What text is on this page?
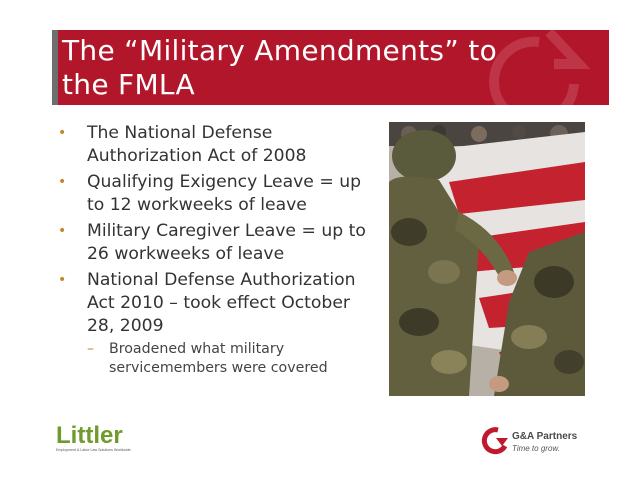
The “Military Amendments” to the FMLA
• The National Defense Authorization Act of 2008
• Qualifying Exigency Leave = up to 12 workweeks of leave
• Military Caregiver Leave = up to 26 workweeks of leave
• National Defense Authorization Act 2010 – took effect October 28, 2009
– Broadened what military servicemembers were covered
Littler
Employment & Labor Law Solutions Worldwide
G&A Partners
Time to grow.
